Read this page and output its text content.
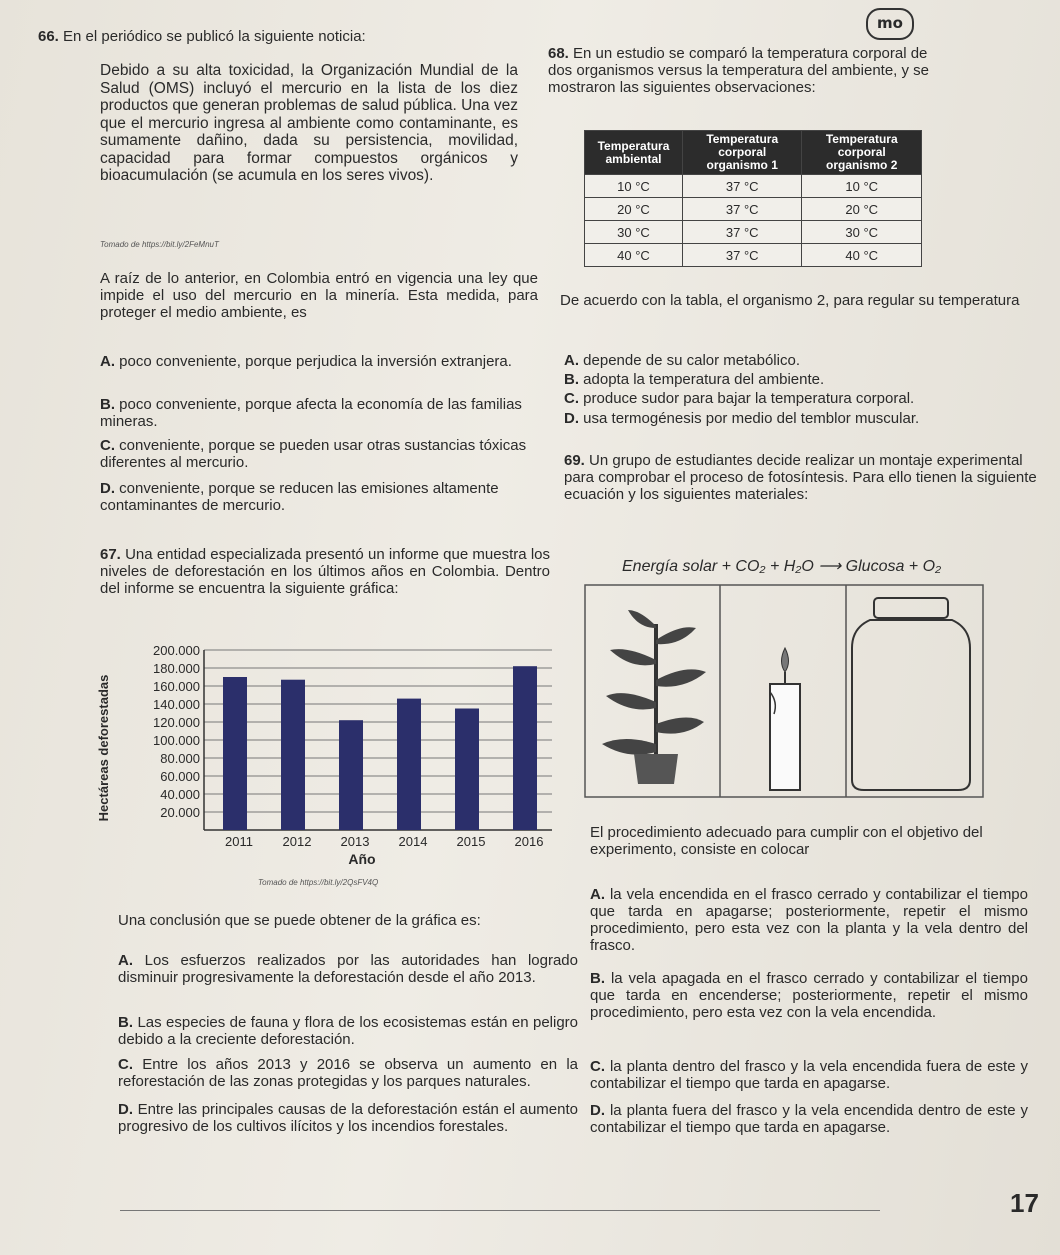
mo
66. En el periódico se publicó la siguiente noticia:
Debido a su alta toxicidad, la Organización Mundial de la Salud (OMS) incluyó el mercurio en la lista de los diez productos que generan problemas de salud pública. Una vez que el mercurio ingresa al ambiente como contaminante, es sumamente dañino, dada su persistencia, movilidad, capacidad para formar compuestos orgánicos y bioacumulación (se acumula en los seres vivos).
Tomado de https://bit.ly/2FeMnuT
A raíz de lo anterior, en Colombia entró en vigencia una ley que impide el uso del mercurio en la minería. Esta medida, para proteger el medio ambiente, es
A. poco conveniente, porque perjudica la inversión extranjera.
B. poco conveniente, porque afecta la economía de las familias mineras.
C. conveniente, porque se pueden usar otras sustancias tóxicas diferentes al mercurio.
D. conveniente, porque se reducen las emisiones altamente contaminantes de mercurio.
67. Una entidad especializada presentó un informe que muestra los niveles de deforestación en los últimos años en Colombia. Dentro del informe se encuentra la siguiente gráfica:
200.000
180.000
160.000
140.000
120.000
100.000
80.000
60.000
40.000
20.000
2011 2012 2013 2014 2015 2016
Año
Hectáreas deforestadas
Tomado de https://bit.ly/2QsFV4Q
Una conclusión que se puede obtener de la gráfica es:
A. Los esfuerzos realizados por las autoridades han logrado disminuir progresivamente la deforestación desde el año 2013.
B. Las especies de fauna y flora de los ecosistemas están en peligro debido a la creciente deforestación.
C. Entre los años 2013 y 2016 se observa un aumento en la reforestación de las zonas protegidas y los parques naturales.
D. Entre las principales causas de la deforestación están el aumento progresivo de los cultivos ilícitos y los incendios forestales.
68. En un estudio se comparó la temperatura corporal de dos organismos versus la temperatura del ambiente, y se mostraron las siguientes observaciones:
Temperatura ambiental	Temperatura corporal organismo 1	Temperatura corporal organismo 2
10 °C	37 °C	10 °C
20 °C	37 °C	20 °C
30 °C	37 °C	30 °C
40 °C	37 °C	40 °C
De acuerdo con la tabla, el organismo 2, para regular su temperatura
A. depende de su calor metabólico.
B. adopta la temperatura del ambiente.
C. produce sudor para bajar la temperatura corporal.
D. usa termogénesis por medio del temblor muscular.
69. Un grupo de estudiantes decide realizar un montaje experimental para comprobar el proceso de fotosíntesis. Para ello tienen la siguiente ecuación y los siguientes materiales:
Energía solar + CO₂ + H₂O ⟶ Glucosa + O₂
El procedimiento adecuado para cumplir con el objetivo del experimento, consiste en colocar
A. la vela encendida en el frasco cerrado y contabilizar el tiempo que tarda en apagarse; posteriormente, repetir el mismo procedimiento, pero esta vez con la planta y la vela dentro del frasco.
B. la vela apagada en el frasco cerrado y contabilizar el tiempo que tarda en encenderse; posteriormente, repetir el mismo procedimiento, pero esta vez con la vela encendida.
C. la planta dentro del frasco y la vela encendida fuera de este y contabilizar el tiempo que tarda en apagarse.
D. la planta fuera del frasco y la vela encendida dentro de este y contabilizar el tiempo que tarda en apagarse.
17
